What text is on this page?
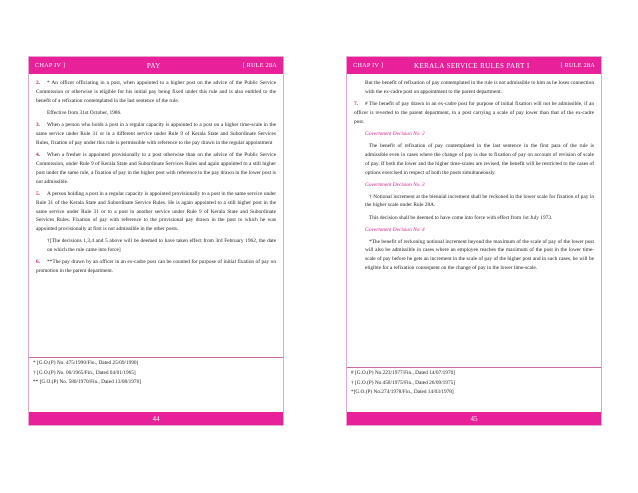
CHAP IV ]	PAY	[ RULE 28A
2. * An officer officiating in a post, when appointed to a higher post on the advice of the Public Service Commission or otherwise is eligible for his initial pay being fixed under this rule and is also entitled to the benefit of a refixation contemplated in the last sentence of the rule.
Effective from 31st October, 1986.
3. When a person who holds a post in a regular capacity is appointed to a post on a higher time-scale in the same service under Rule 31 or in a different service under Rule 9 of Kerala State and Subordinate Services Rules, fixation of pay under this rule is permissible with reference to the pay drawn in the regular appointment
4. When a fresher is appointed provisionally to a post otherwise than on the advice of the Public Service Commission, under Rule 9 of Kerala State and Subordinate Services Rules and again appointed to a still higher post under the same rule, a fixation of pay in the higher post with reference to the pay drawn in the lower post is not admissible.
5. A person holding a post in a regular capacity is appointed provisionally to a post in the same service under Rule 31 of the Kerala State and Subordinate Service Rules. He is again appointed to a still higher post in the same service under Rule 31 or to a post in another service under Rule 9 of Kerala State and Subordinate Services Rules. Fixation of pay with reference to the provisional pay drawn in the post to which he was appointed provisionally at first is not admissible in the other posts.
†[The decisions 1,3,4 and 5 above will be deemed to have taken effect from 3rd February 1962, the date on which the rule came into force]
6. **The pay drawn by an officer in an ex-cadre post can be counted for purpose of initial fixation of pay on promotion in the parent department.
* [G.O.(P) No. 475/1990/Fin., Dated 25/09/1990]
† [G.O.(P) No. 06/1965/Fin., Dated 04/01/1965]
** [G.O.(P) No. 580/1970/Fin., Dated 13/08/1970]
44
CHAP IV ]	KERALA SERVICE RULES PART I	[ RULE 28A
But the benefit of refixation of pay contemplated in the rule is not admissible to him as he loses connection with the ex-cadre post on appointment to the parent department.
7. # The benefit of pay drawn in an ex-cadre post for purpose of initial fixation will not be admissible, if an officer is reverted to the parent department, to a post carrying a scale of pay lower than that of the ex-cadre post.
Government Decision No. 2
The benefit of refixation of pay contemplated in the last sentence in the first para of the rule is admissible even in cases where the change of pay is due to fixation of pay on account of revision of scale of pay. If both the lower and the higher time-scales are revised, the benefit will be restricted to the cases of options exercised in respect of both the posts simultaneously.
Government Decision No. 3
† Notional increment at the biennial increment shall be reckoned in the lower scale for fixation of pay in the higher scale under Rule 28A.
This decision shall be deemed to have come into force with effect from 1st July 1973.
Government Decision No. 4
*The benefit of reckoning notional increment beyond the maximum of the scale of pay of the lower post will also be admissible in cases where an employee reaches the maximum of the post in the lower time-scale of pay before he gets an increment in the scale of pay of the higher post and in such cases, he will be eligible for a refixation consequent on the change of pay in the lower time-scale.
# [G.O.(P) No.223/1977/Fin., Dated 14/07/1970]
† [G.O.(P) No.458/1975/Fin., Dated 26/09/1975]
*[G.O.(P) No.274/1978/Fin., Dated 14/03/1978]
45
